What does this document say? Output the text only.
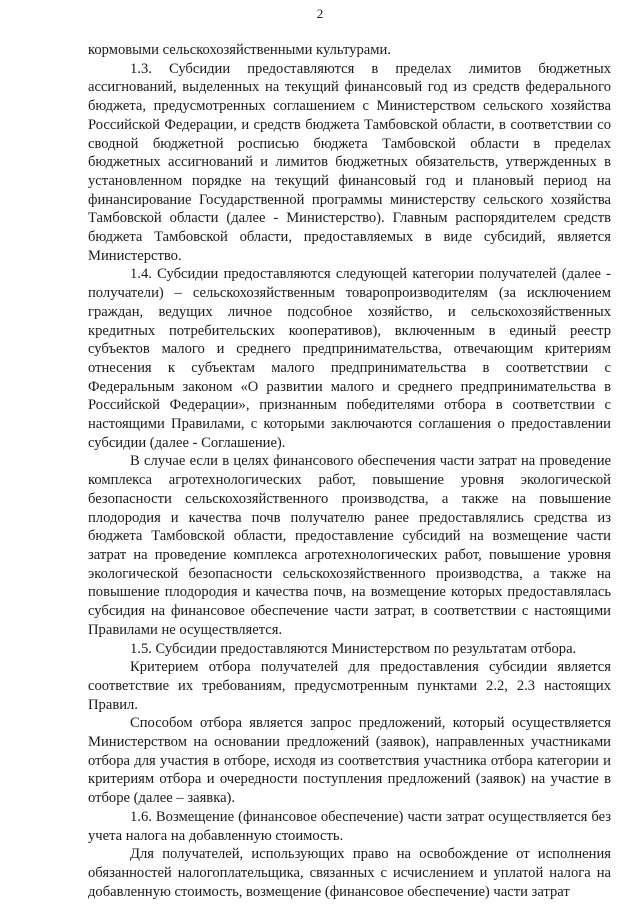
2

кормовыми сельскохозяйственными культурами.

1.3. Субсидии предоставляются в пределах лимитов бюджетных ассигнований, выделенных на текущий финансовый год из средств федерального бюджета, предусмотренных соглашением с Министерством сельского хозяйства Российской Федерации, и средств бюджета Тамбовской области, в соответствии со сводной бюджетной росписью бюджета Тамбовской области в пределах бюджетных ассигнований и лимитов бюджетных обязательств, утвержденных в установленном порядке на текущий финансовый год и плановый период на финансирование Государственной программы министерству сельского хозяйства Тамбовской области (далее - Министерство). Главным распорядителем средств бюджета Тамбовской области, предоставляемых в виде субсидий, является Министерство.

1.4. Субсидии предоставляются следующей категории получателей (далее - получатели) – сельскохозяйственным товаропроизводителям (за исключением граждан, ведущих личное подсобное хозяйство, и сельскохозяйственных кредитных потребительских кооперативов), включенным в единый реестр субъектов малого и среднего предпринимательства, отвечающим критериям отнесения к субъектам малого предпринимательства в соответствии с Федеральным законом «О развитии малого и среднего предпринимательства в Российской Федерации», признанным победителями отбора в соответствии с настоящими Правилами, с которыми заключаются соглашения о предоставлении субсидии (далее - Соглашение).

В случае если в целях финансового обеспечения части затрат на проведение комплекса агротехнологических работ, повышение уровня экологической безопасности сельскохозяйственного производства, а также на повышение плодородия и качества почв получателю ранее предоставлялись средства из бюджета Тамбовской области, предоставление субсидий на возмещение части затрат на проведение комплекса агротехнологических работ, повышение уровня экологической безопасности сельскохозяйственного производства, а также на повышение плодородия и качества почв, на возмещение которых предоставлялась субсидия на финансовое обеспечение части затрат, в соответствии с настоящими Правилами не осуществляется.

1.5. Субсидии предоставляются Министерством по результатам отбора.

Критерием отбора получателей для предоставления субсидии является соответствие их требованиям, предусмотренным пунктами 2.2, 2.3 настоящих Правил.

Способом отбора является запрос предложений, который осуществляется Министерством на основании предложений (заявок), направленных участниками отбора для участия в отборе, исходя из соответствия участника отбора категории и критериям отбора и очередности поступления предложений (заявок) на участие в отборе (далее – заявка).

1.6. Возмещение (финансовое обеспечение) части затрат осуществляется без учета налога на добавленную стоимость.

Для получателей, использующих право на освобождение от исполнения обязанностей налогоплательщика, связанных с исчислением и уплатой налога на добавленную стоимость, возмещение (финансовое обеспечение) части затрат
